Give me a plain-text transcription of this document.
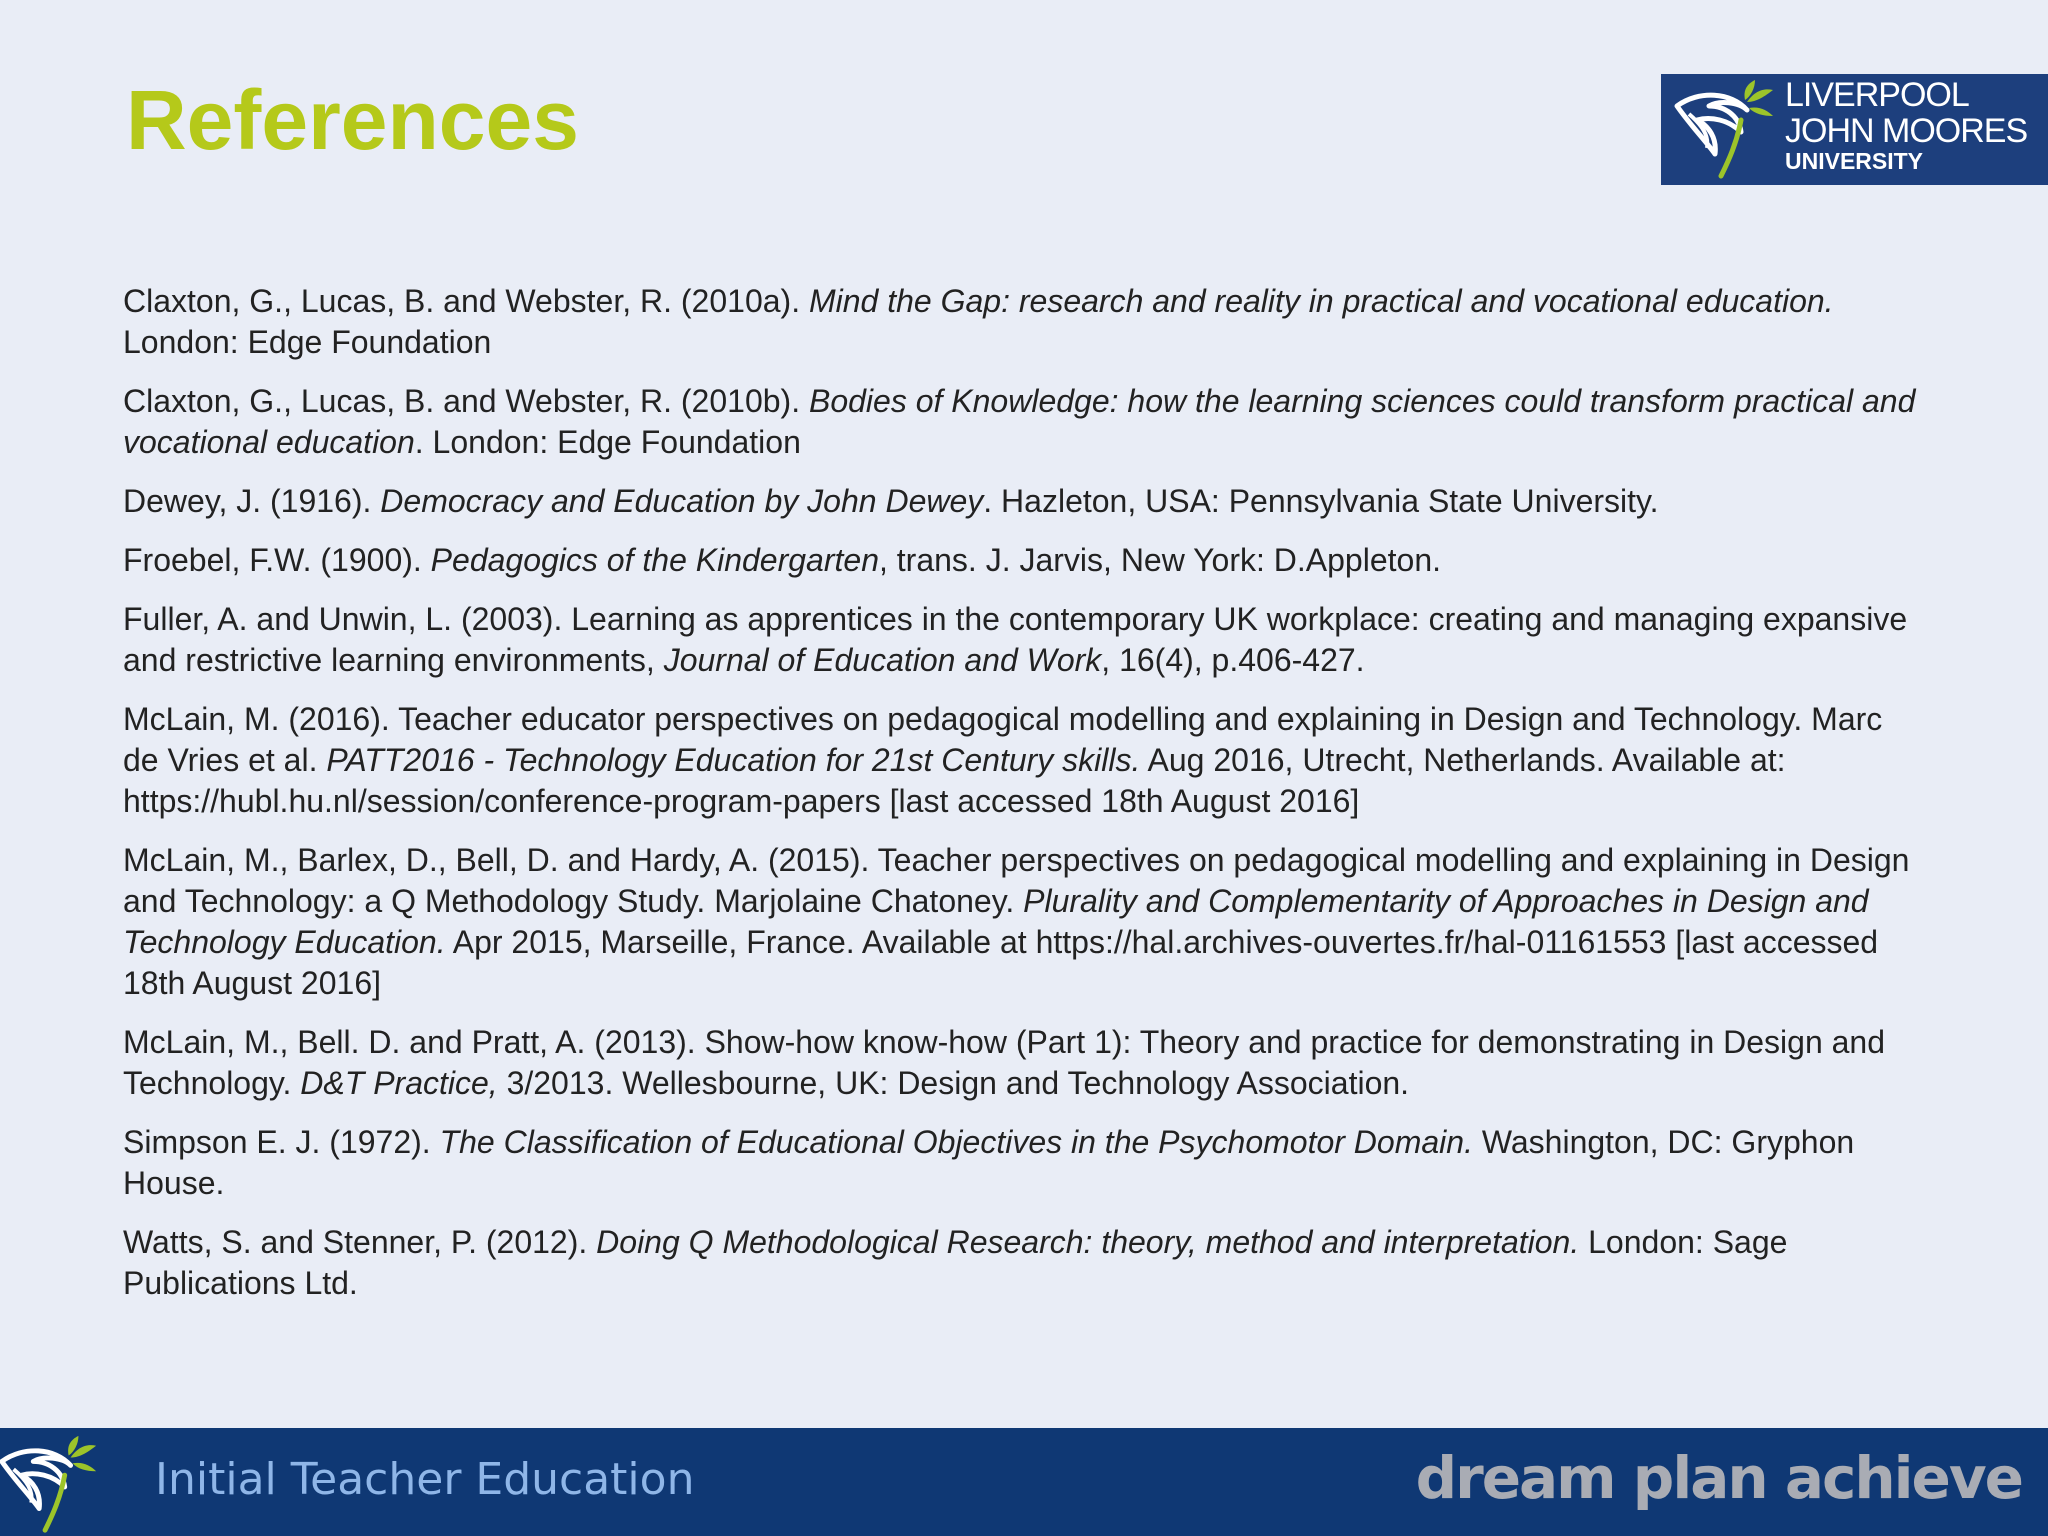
References	LIVERPOOL
JOHN MOORES
UNIVERSITY
Claxton, G., Lucas, B. and Webster, R. (2010a). Mind the Gap: research and reality in practical and vocational education. London: Edge Foundation
Claxton, G., Lucas, B. and Webster, R. (2010b). Bodies of Knowledge: how the learning sciences could transform practical and vocational education. London: Edge Foundation
Dewey, J. (1916). Democracy and Education by John Dewey. Hazleton, USA: Pennsylvania State University.
Froebel, F.W. (1900). Pedagogics of the Kindergarten, trans. J. Jarvis, New York: D.Appleton.
Fuller, A. and Unwin, L. (2003). Learning as apprentices in the contemporary UK workplace: creating and managing expansive and restrictive learning environments, Journal of Education and Work, 16(4), p.406-427.
McLain, M. (2016). Teacher educator perspectives on pedagogical modelling and explaining in Design and Technology. Marc de Vries et al. PATT2016 - Technology Education for 21st Century skills. Aug 2016, Utrecht, Netherlands. Available at: https://hubl.hu.nl/session/conference-program-papers [last accessed 18th August 2016]
McLain, M., Barlex, D., Bell, D. and Hardy, A. (2015). Teacher perspectives on pedagogical modelling and explaining in Design and Technology: a Q Methodology Study. Marjolaine Chatoney. Plurality and Complementarity of Approaches in Design and Technology Education. Apr 2015, Marseille, France. Available at https://hal.archives-ouvertes.fr/hal-01161553 [last accessed 18th August 2016]
McLain, M., Bell. D. and Pratt, A. (2013). Show-how know-how (Part 1): Theory and practice for demonstrating in Design and Technology. D&T Practice, 3/2013. Wellesbourne, UK: Design and Technology Association.
Simpson E. J. (1972). The Classification of Educational Objectives in the Psychomotor Domain. Washington, DC: Gryphon House.
Watts, S. and Stenner, P. (2012). Doing Q Methodological Research: theory, method and interpretation. London: Sage Publications Ltd.
Initial Teacher Education	dream plan achieve
